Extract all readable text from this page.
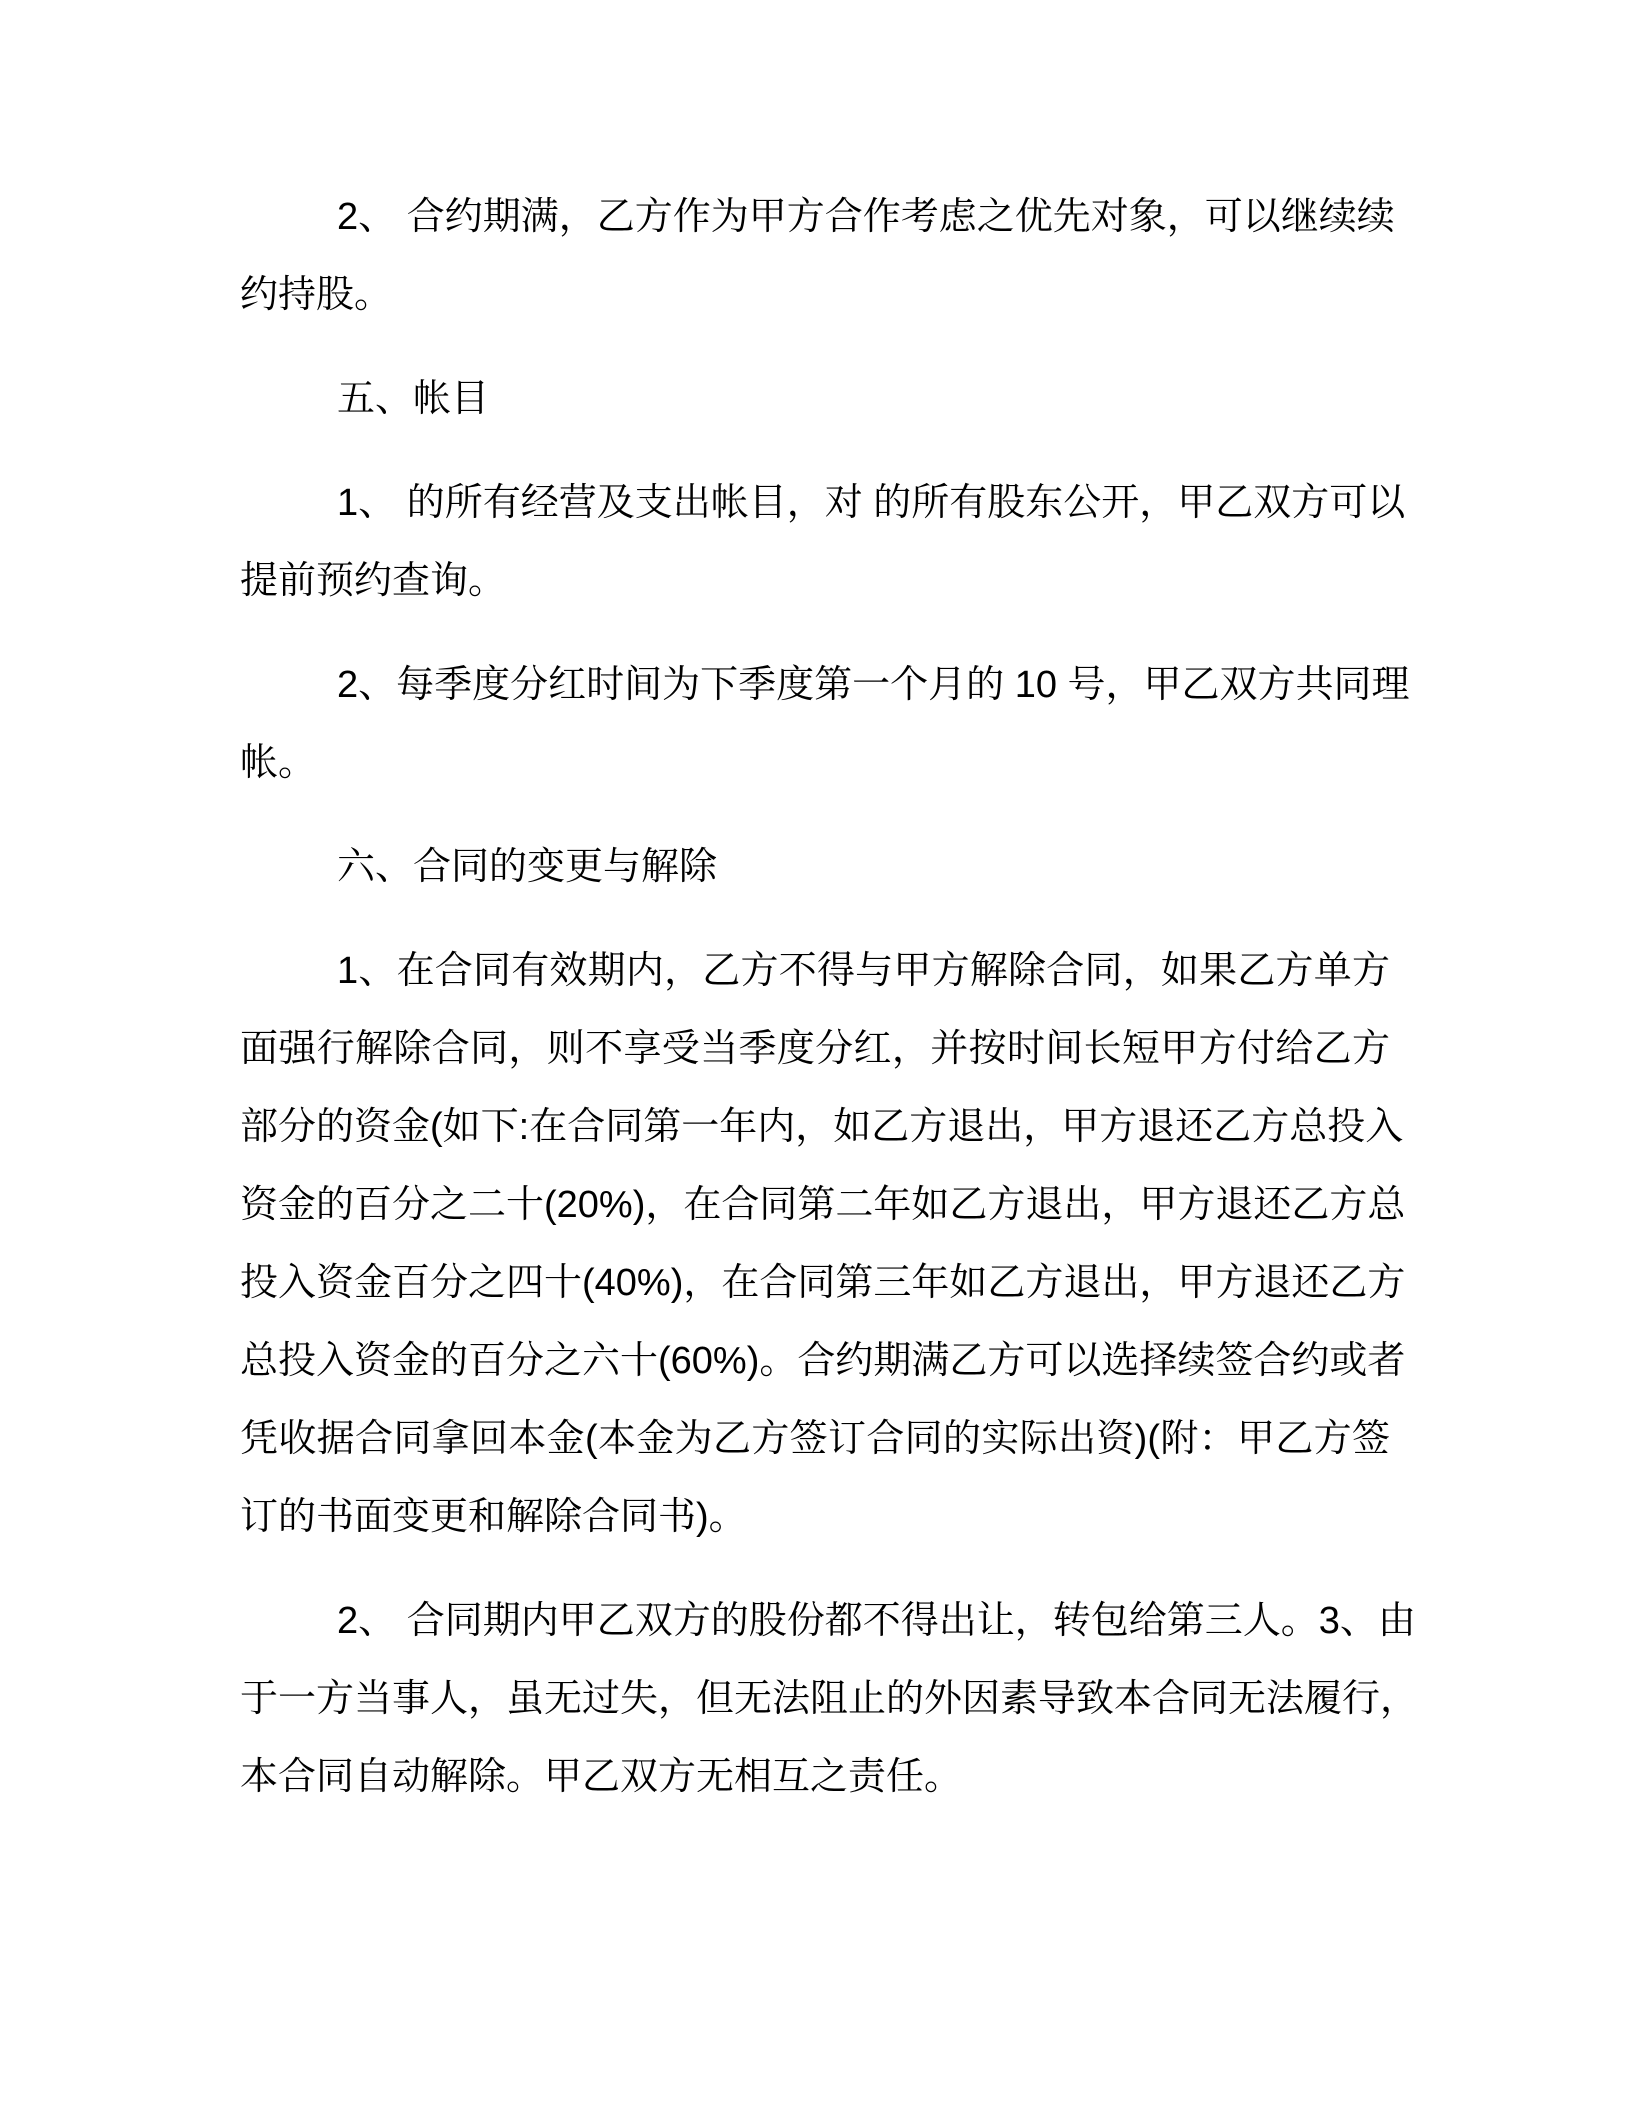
2、 合约期满，乙方作为甲方合作考虑之优先对象，可以继续续
约持股。
五、帐目
1、 的所有经营及支出帐目，对 的所有股东公开，甲乙双方可以
提前预约查询。
2、每季度分红时间为下季度第一个月的 10 号，甲乙双方共同理
帐。
六、合同的变更与解除
1、在合同有效期内，乙方不得与甲方解除合同，如果乙方单方
面强行解除合同，则不享受当季度分红，并按时间长短甲方付给乙方
部分的资金(如下:在合同第一年内，如乙方退出，甲方退还乙方总投入
资金的百分之二十(20%)，在合同第二年如乙方退出，甲方退还乙方总
投入资金百分之四十(40%)，在合同第三年如乙方退出，甲方退还乙方
总投入资金的百分之六十(60%)。合约期满乙方可以选择续签合约或者
凭收据合同拿回本金(本金为乙方签订合同的实际出资)(附：甲乙方签
订的书面变更和解除合同书)。
2、 合同期内甲乙双方的股份都不得出让，转包给第三人。3、由
于一方当事人，虽无过失，但无法阻止的外因素导致本合同无法履行，
本合同自动解除。甲乙双方无相互之责任。
